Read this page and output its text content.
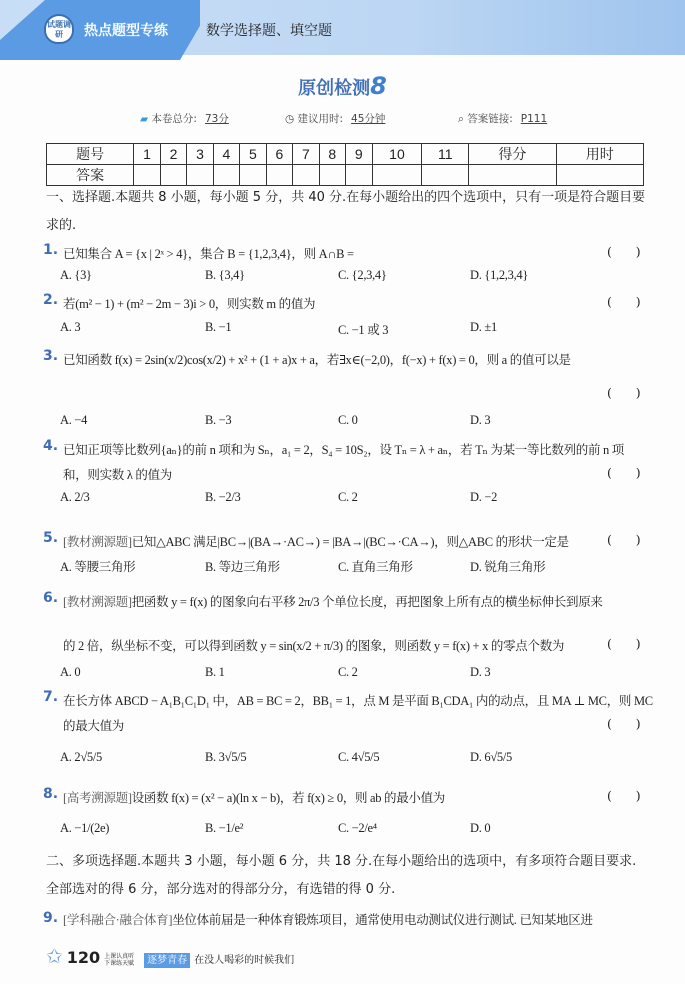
试题调研	热点题型专练	数学选择题、填空题
原创检测8
▰ 本卷总分: 73分	◷ 建议用时: 45分钟	⌕ 答案链接: P111
题号	1	2	3	4	5	6	7	8	9	10	11	得分	用时
答案													
一、选择题.本题共 8 小题，每小题 5 分，共 40 分.在每小题给出的四个选项中，只有一项是符合题目要求的.
1. 已知集合 A = {x | 2ˣ > 4}，集合 B = {1,2,3,4}，则 A∩B =	(      )
A. {3}	B. {3,4}	C. {2,3,4}	D. {1,2,3,4}
2. 若(m² − 1) + (m² − 2m − 3)i > 0，则实数 m 的值为	(      )
A. 3	B. −1	C. −1 或 3	D. ±1
3. 已知函数 f(x) = 2sin(x/2)cos(x/2) + x² + (1 + a)x + a，若∃x∈(−2,0)，f(−x) + f(x) = 0，则 a 的值可以是
(      )
A. −4	B. −3	C. 0	D. 3
4. 已知正项等比数列{aₙ}的前 n 项和为 Sₙ，a₁ = 2，S₄ = 10S₂，设 Tₙ = λ + aₙ，若 Tₙ 为某一等比数列的前 n 项
和，则实数 λ 的值为	(      )
A. 2/3	B. −2/3	C. 2	D. −2
5. [教材溯源题]已知△ABC 满足|BC→|(BA→·AC→) = |BA→|(BC→·CA→)，则△ABC 的形状一定是	(      )
A. 等腰三角形	B. 等边三角形	C. 直角三角形	D. 锐角三角形
6. [教材溯源题]把函数 y = f(x) 的图象向右平移 2π/3 个单位长度，再把图象上所有点的横坐标伸长到原来
的 2 倍，纵坐标不变，可以得到函数 y = sin(x/2 + π/3) 的图象，则函数 y = f(x) + x 的零点个数为	(      )
A. 0	B. 1	C. 2	D. 3
7. 在长方体 ABCD − A₁B₁C₁D₁ 中，AB = BC = 2，BB₁ = 1，点 M 是平面 B₁CDA₁ 内的动点，且 MA ⊥ MC，则 MC
的最大值为	(      )
A. 2√5/5	B. 3√5/5	C. 4√5/5	D. 6√5/5
8. [高考溯源题]设函数 f(x) = (x² − a)(ln x − b)，若 f(x) ≥ 0，则 ab 的最小值为	(      )
A. −1/(2e)	B. −1/e²	C. −2/e⁴	D. 0
二、多项选择题.本题共 3 小题，每小题 6 分，共 18 分.在每小题给出的选项中，有多项符合题目要求.全部选对的得 6 分，部分选对的得部分分，有选错的得 0 分.
9. [学科融合·融合体育]坐位体前届是一种体育锻炼项目，通常使用电动测试仪进行测试. 已知某地区进
✩ 120 上课认真听 下课练天赋 逐梦青春 在没人喝彩的时候我们
